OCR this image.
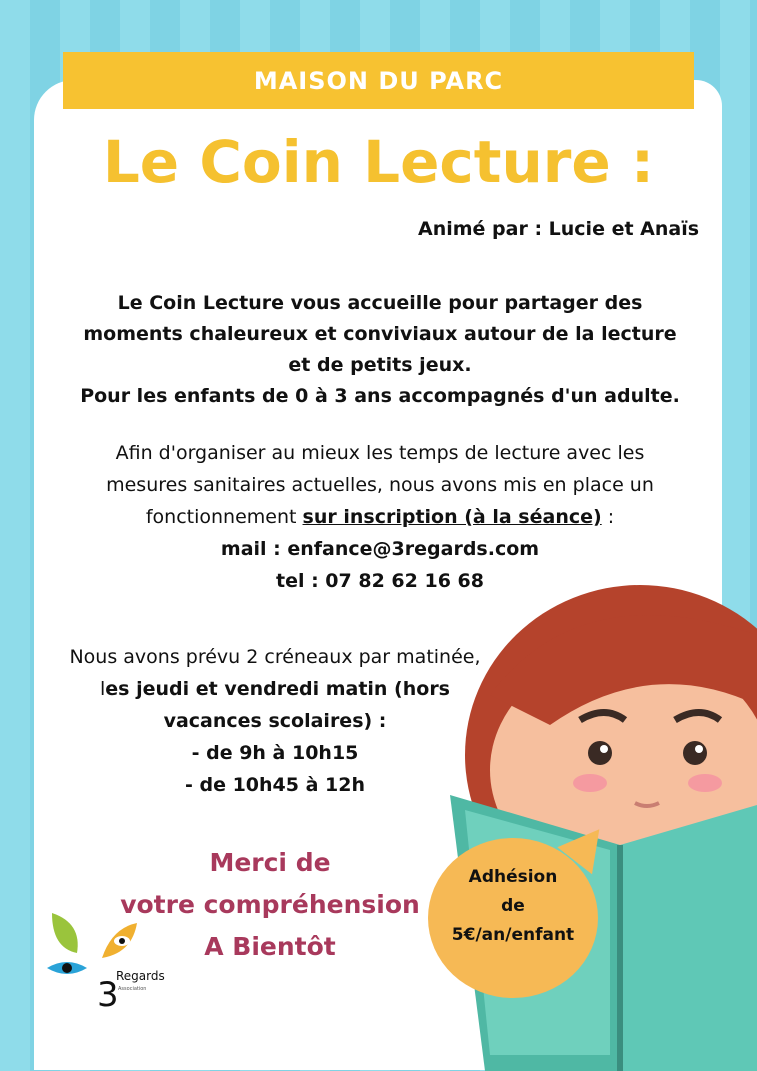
MAISON DU PARC
Le Coin Lecture :
Animé par : Lucie et Anaïs
Le Coin Lecture vous accueille pour partager des
moments chaleureux et conviviaux autour de la lecture
et de petits jeux.
Pour les enfants de 0 à 3 ans accompagnés d'un adulte.
Afin d'organiser au mieux les temps de lecture avec les
mesures sanitaires actuelles, nous avons mis en place un
fonctionnement sur inscription (à la séance) :
mail : enfance@3regards.com
tel : 07 82 62 16 68
Nous avons prévu 2 créneaux par matinée,
les jeudi et vendredi matin (hors
vacances scolaires) :
- de 9h à 10h15
- de 10h45 à 12h
Merci de
votre compréhension
A Bientôt
Adhésion
de
5€/an/enfant
3
Regards
Association
